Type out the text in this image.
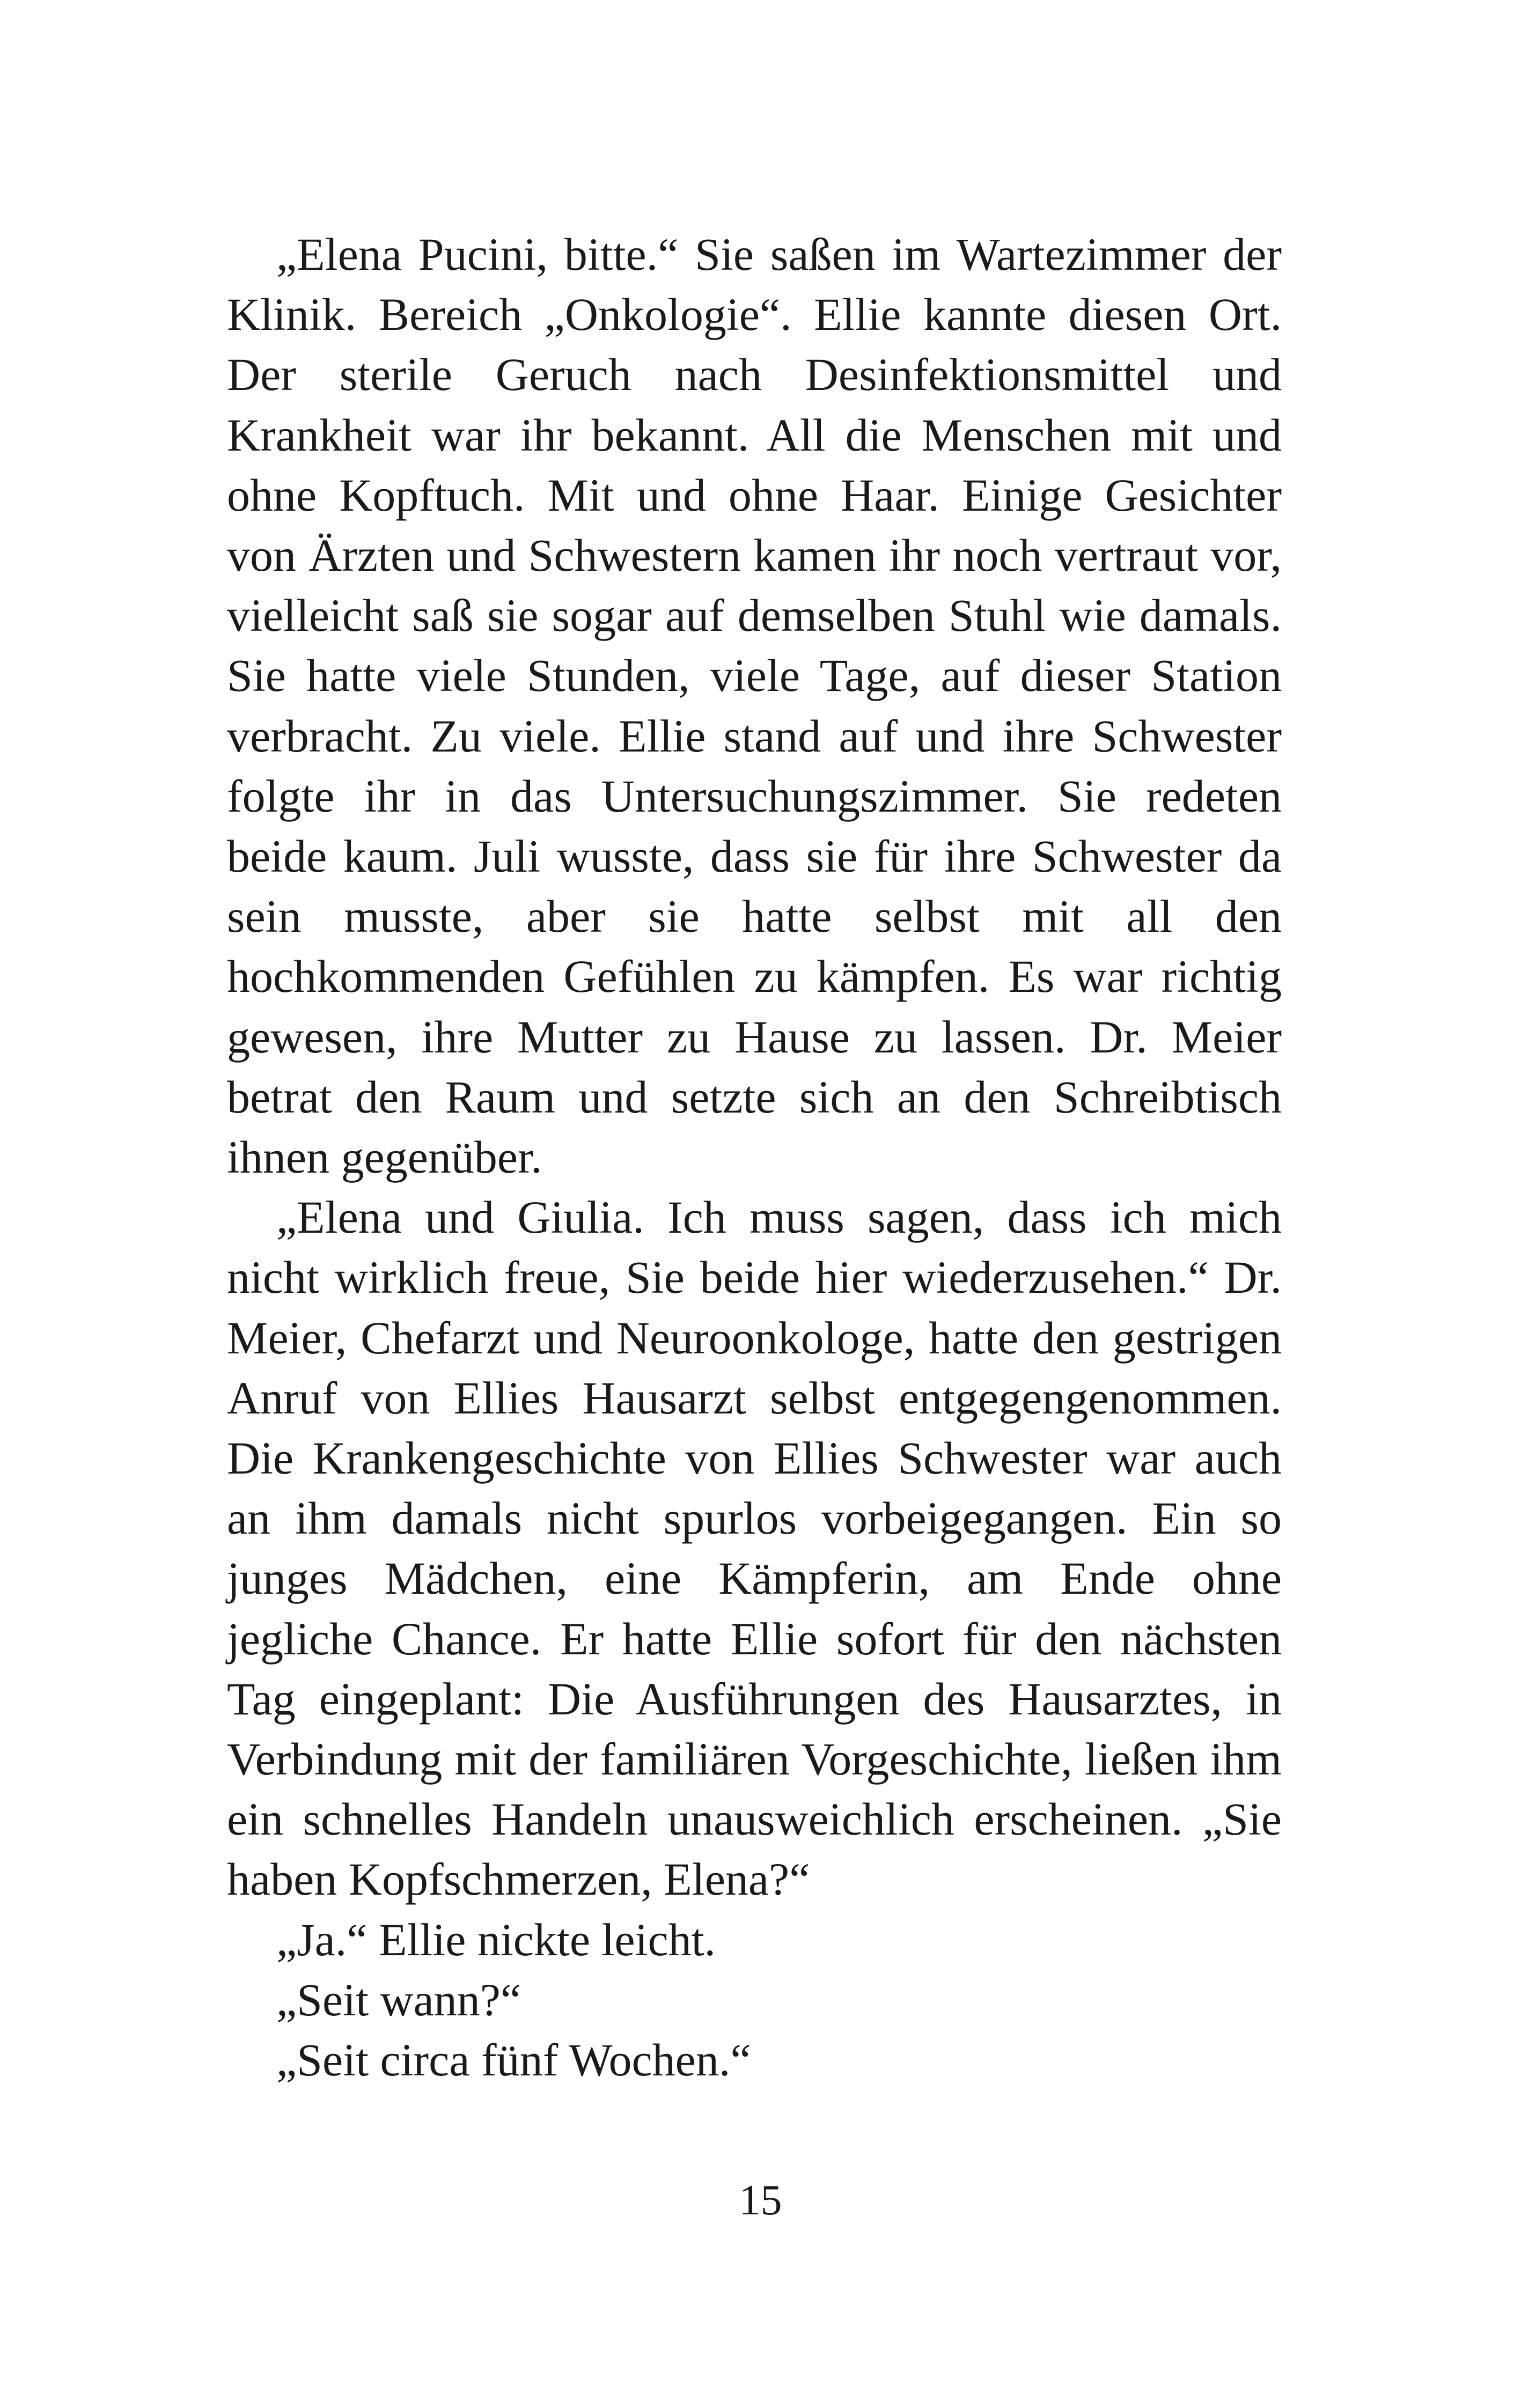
„Elena Pucini, bitte.“ Sie saßen im Wartezimmer der Klinik. Bereich „Onkologie“. Ellie kannte diesen Ort. Der sterile Geruch nach Desinfektionsmittel und Krankheit war ihr bekannt. All die Menschen mit und ohne Kopftuch. Mit und ohne Haar. Einige Gesichter von Ärzten und Schwestern kamen ihr noch vertraut vor, vielleicht saß sie sogar auf demselben Stuhl wie damals. Sie hatte viele Stunden, viele Tage, auf dieser Station verbracht. Zu viele. Ellie stand auf und ihre Schwester folgte ihr in das Untersuchungszimmer. Sie redeten beide kaum. Juli wusste, dass sie für ihre Schwester da sein musste, aber sie hatte selbst mit all den hochkommenden Gefühlen zu kämpfen. Es war richtig gewesen, ihre Mutter zu Hause zu lassen. Dr. Meier betrat den Raum und setzte sich an den Schreibtisch ihnen gegenüber.

„Elena und Giulia. Ich muss sagen, dass ich mich nicht wirklich freue, Sie beide hier wiederzusehen.“ Dr. Meier, Chefarzt und Neuroonkologe, hatte den gestrigen Anruf von Ellies Hausarzt selbst entgegengenommen. Die Krankengeschichte von Ellies Schwester war auch an ihm damals nicht spurlos vorbeigegangen. Ein so junges Mädchen, eine Kämpferin, am Ende ohne jegliche Chance. Er hatte Ellie sofort für den nächsten Tag eingeplant: Die Ausführungen des Hausarztes, in Verbindung mit der familiären Vorgeschichte, ließen ihm ein schnelles Handeln unausweichlich erscheinen. „Sie haben Kopfschmerzen, Elena?“

„Ja.“ Ellie nickte leicht.

„Seit wann?“

„Seit circa fünf Wochen.“

15
